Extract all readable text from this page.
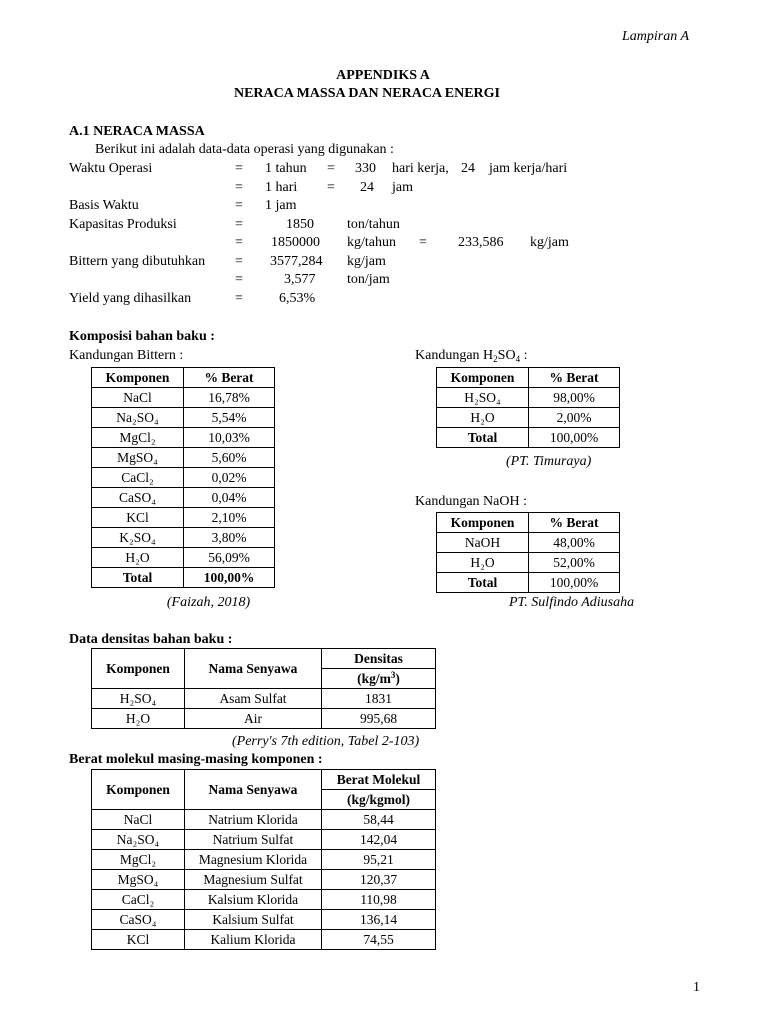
Lampiran A
APPENDIKS A
NERACA MASSA DAN NERACA ENERGI
A.1 NERACA MASSA
Berikut ini adalah data-data operasi yang digunakan :
Waktu Operasi	= 1 tahun = 330 hari kerja, 24 jam kerja/hari
= 1 hari = 24 jam
Basis Waktu	= 1 jam
Kapasitas Produksi	=	1850 ton/tahun
= 1850000 kg/tahun = 233,586 kg/jam
Bittern yang dibutuhkan = 3577,284 kg/jam
=	3,577 ton/jam
Yield yang dihasilkan	=	6,53%
Komposisi bahan baku :
Kandungan Bittern :	Kandungan $H_2SO_4$ :
Komponen	% Berat
NaCl	16,78%
Na₂SO₄	5,54%
MgCl₂	10,03%
MgSO₄	5,60%
CaCl₂	0,02%
CaSO₄	0,04%
KCl	2,10%
K₂SO₄	3,80%
H₂O	56,09%
Total	100,00%
(Faizah, 2018)
Komponen	% Berat
H₂SO₄	98,00%
H₂O	2,00%
Total	100,00%
(PT. Timuraya)
Kandungan NaOH :
Komponen	% Berat
NaOH	48,00%
H₂O	52,00%
Total	100,00%
PT. Sulfindo Adiusaha
Data densitas bahan baku :
Komponen	Nama Senyawa	Densitas
		$(kg/m^3)$
H₂SO₄	Asam Sulfat	1831
H₂O	Air	995,68
(Perry's 7th edition, Tabel 2-103)
Berat molekul masing-masing komponen :
Komponen	Nama Senyawa	Berat Molekul
		(kg/kgmol)
NaCl	Natrium Klorida	58,44
Na₂SO₄	Natrium Sulfat	142,04
MgCl₂	Magnesium Klorida	95,21
MgSO₄	Magnesium Sulfat	120,37
CaCl₂	Kalsium Klorida	110,98
CaSO₄	Kalsium Sulfat	136,14
KCl	Kalium Klorida	74,55
1
